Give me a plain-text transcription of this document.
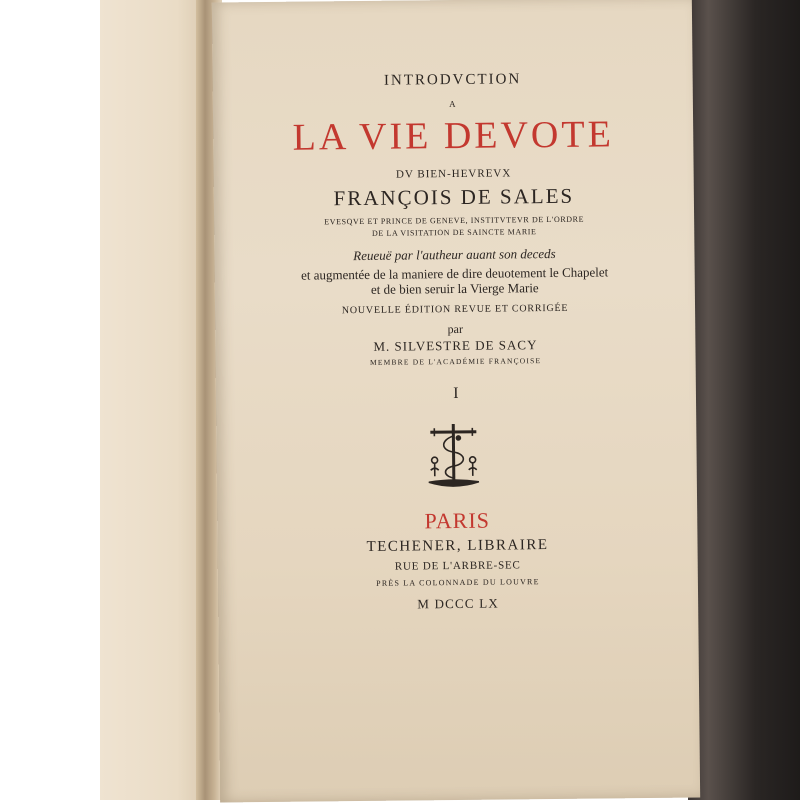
INTRODVCTION
A
LA VIE DEVOTE
DV BIEN-HEVREVX
FRANÇOIS DE SALES
EVESQVE ET PRINCE DE GENEVE, INSTITVTEVR DE L'ORDRE
DE LA VISITATION DE SAINCTE MARIE
Reueuë par l'autheur auant son deceds
et augmentée de la maniere de dire deuotement le Chapelet
et de bien seruir la Vierge Marie
NOUVELLE ÉDITION REVUE ET CORRIGÉE
par
M. SILVESTRE DE SACY
MEMBRE DE L'ACADÉMIE FRANÇOISE
I
PARIS
TECHENER, LIBRAIRE
RUE DE L'ARBRE-SEC
PRÈS LA COLONNADE DU LOUVRE
M DCCC LX
